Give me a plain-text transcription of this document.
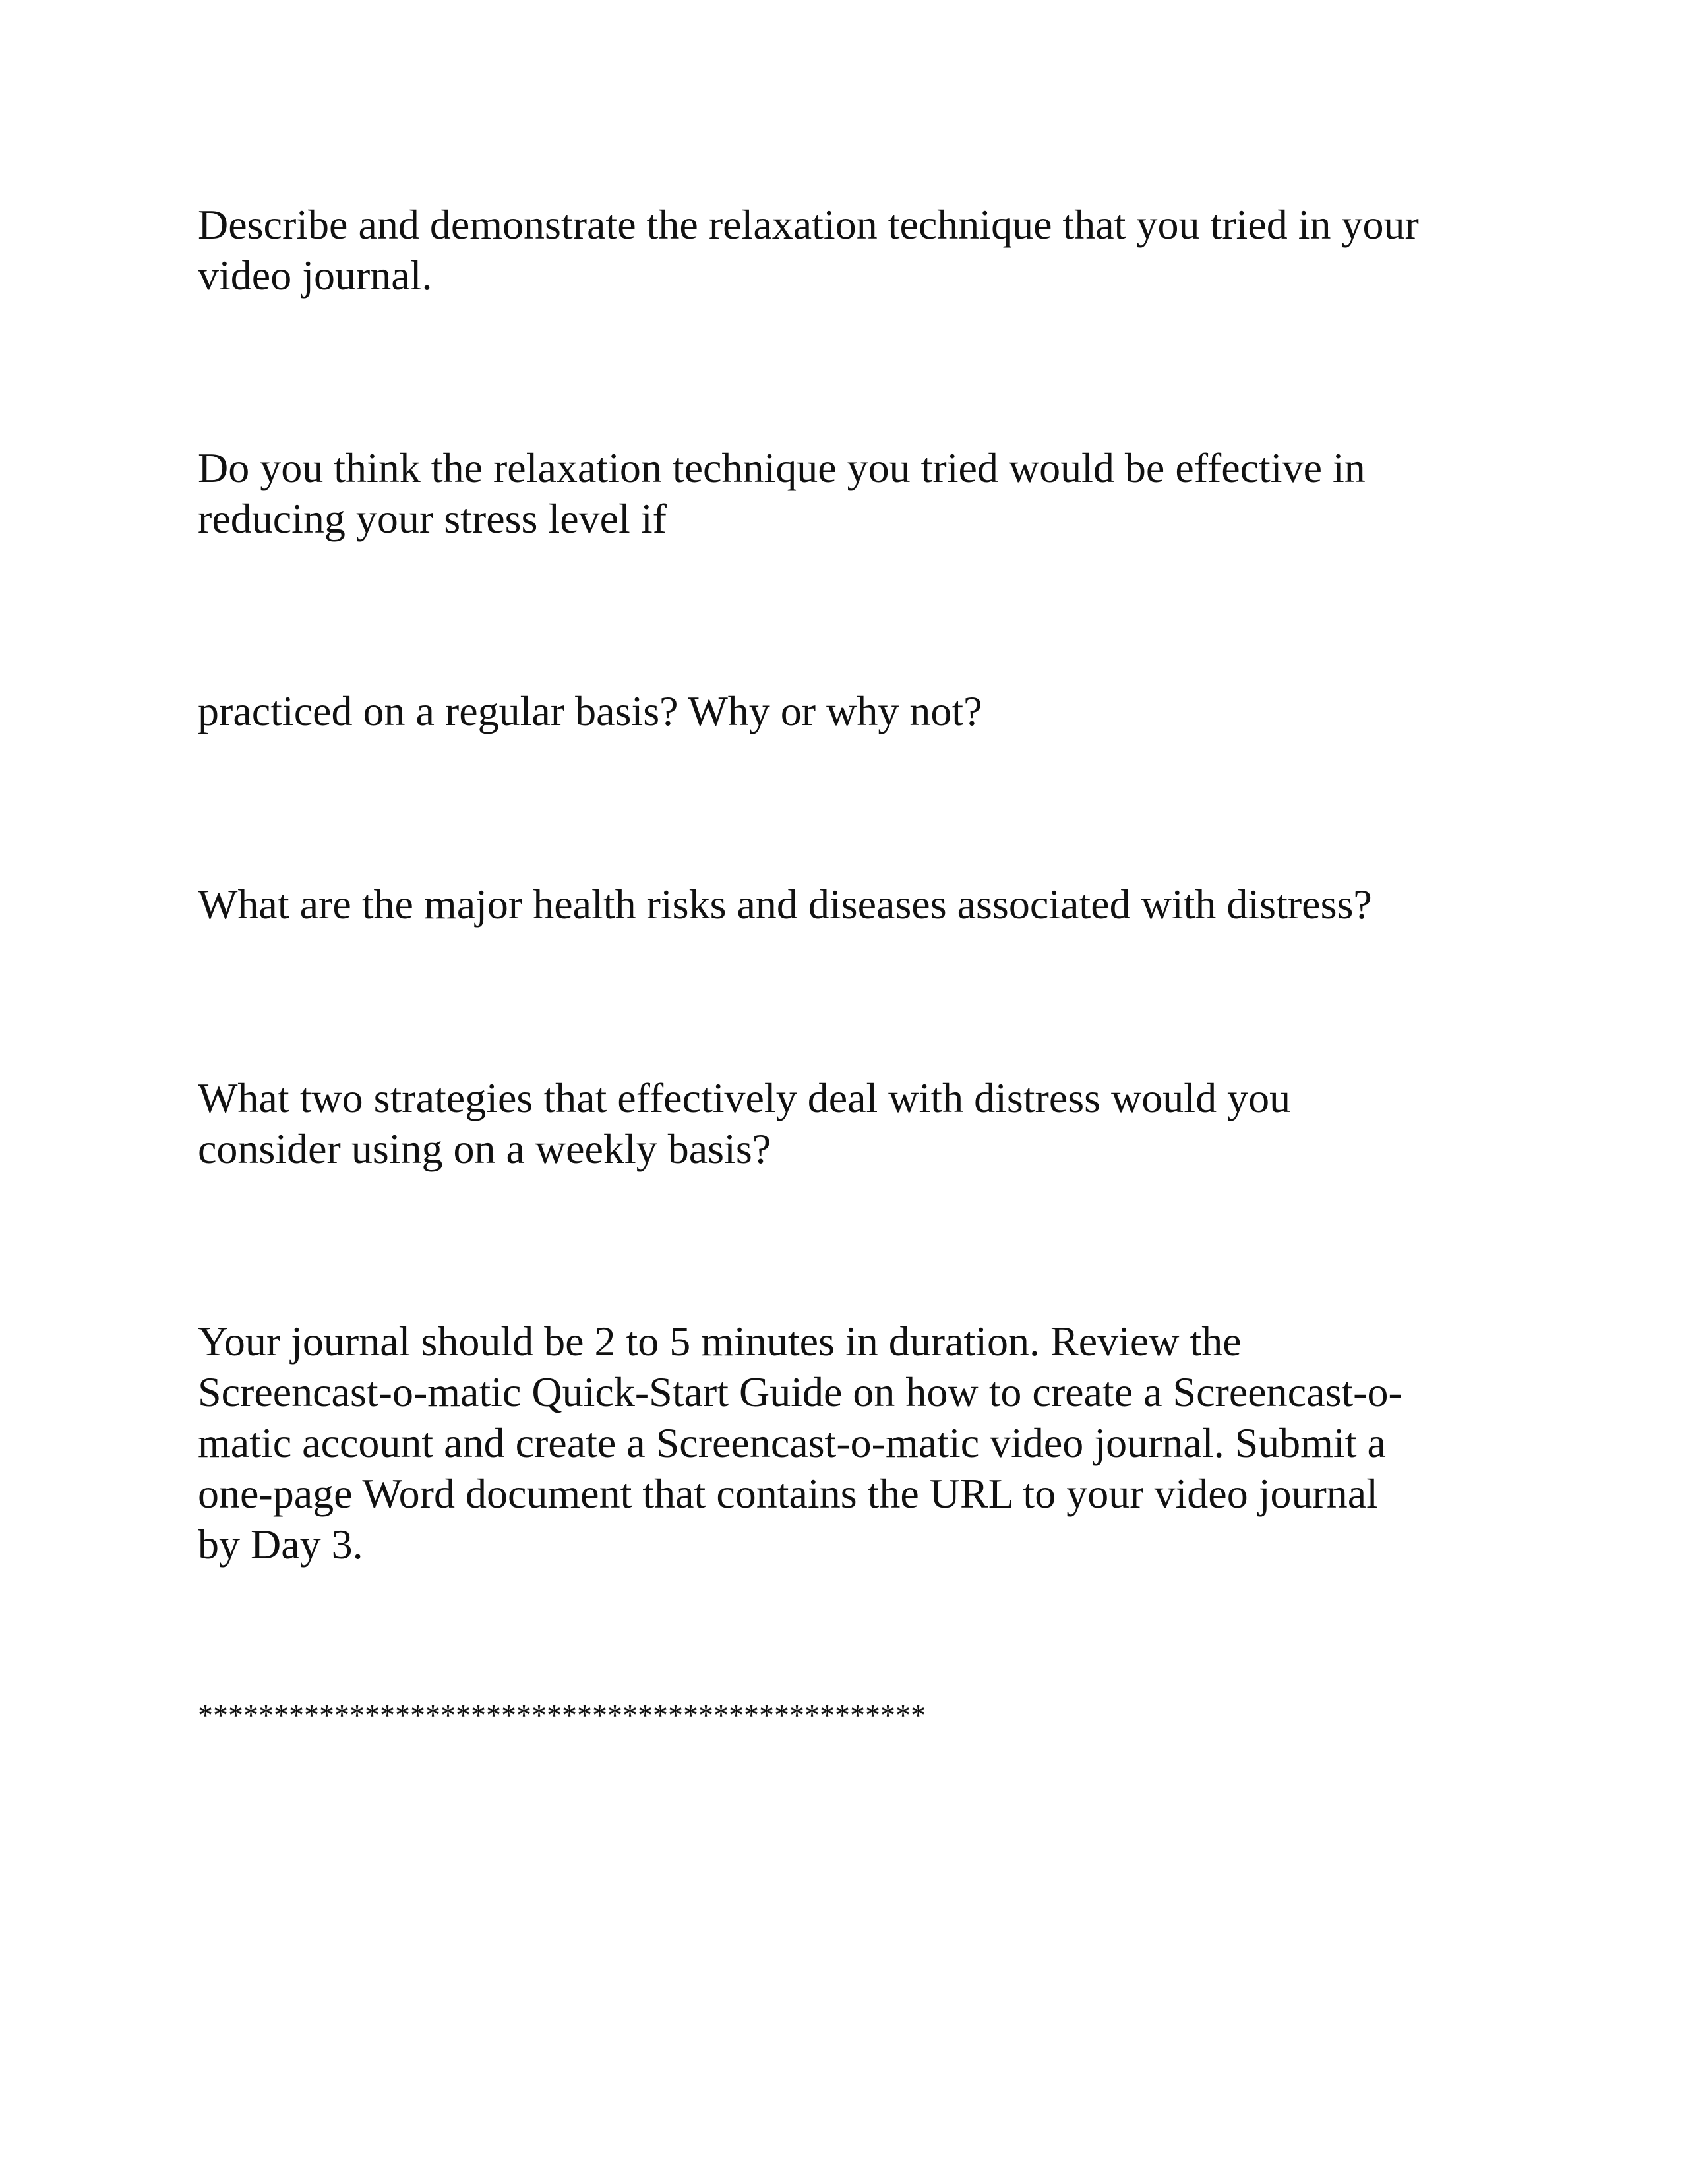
Describe and demonstrate the relaxation technique that you tried in your
video journal.

Do you think the relaxation technique you tried would be effective in
reducing your stress level if

practiced on a regular basis? Why or why not?

What are the major health risks and diseases associated with distress?

What two strategies that effectively deal with distress would you
consider using on a weekly basis?

Your journal should be 2 to 5 minutes in duration. Review the
Screencast-o-matic Quick-Start Guide on how to create a Screencast-o-
matic account and create a Screencast-o-matic video journal. Submit a
one-page Word document that contains the URL to your video journal
by Day 3.

************************************************
